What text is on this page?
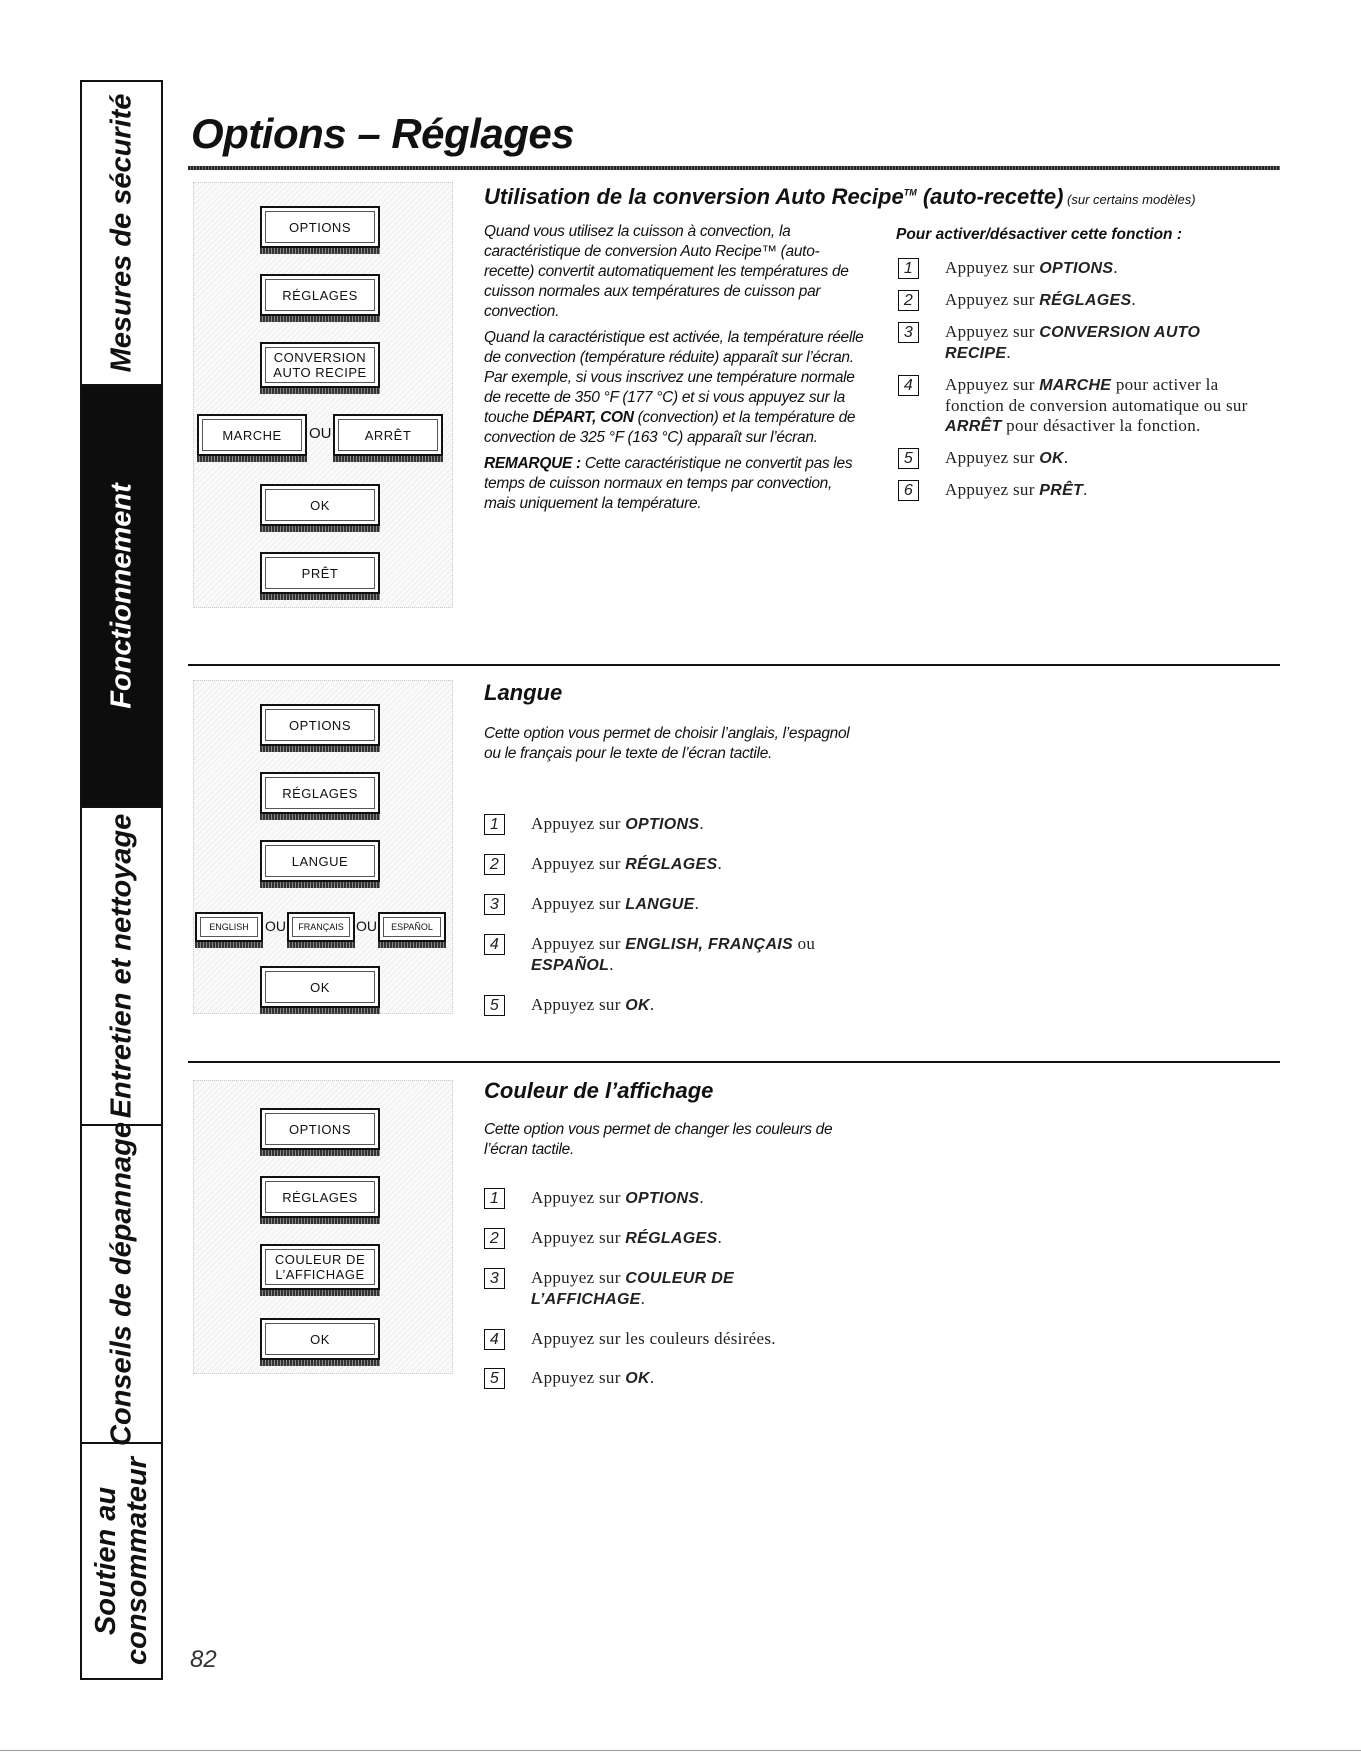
Mesures de sécurité
Fonctionnement
Entretien et nettoyage
Conseils de dépannage
Soutien au consommateur
Options – Réglages
OPTIONS
RÉGLAGES
CONVERSION
AUTO RECIPE
MARCHE OU	ARRÊT
OK
PRÊT
Utilisation de la conversion Auto Recipe™ (auto-recette) (sur certains modèles)

Quand vous utilisez la cuisson à convection, la caractéristique de conversion Auto Recipe™ (auto-recette) convertit automatiquement les températures de cuisson normales aux températures de cuisson par convection.

Quand la caractéristique est activée, la température réelle de convection (température réduite) apparaît sur l’écran. Par exemple, si vous inscrivez une température normale de recette de 350 °F (177 °C) et si vous appuyez sur la touche DÉPART, CON (convection) et la température de convection de 325 °F (163 °C) apparaît sur l’écran.

REMARQUE : Cette caractéristique ne convertit pas les temps de cuisson normaux en temps par convection, mais uniquement la température.

Pour activer/désactiver cette fonction :
1	Appuyez sur OPTIONS.
2	Appuyez sur RÉGLAGES.
3	Appuyez sur CONVERSION AUTO RECIPE.
4	Appuyez sur MARCHE pour activer la fonction de conversion automatique ou sur ARRÊT pour désactiver la fonction.
5	Appuyez sur OK.
6	Appuyez sur PRÊT.
OPTIONS
RÉGLAGES
LANGUE
ENGLISH OU FRANÇAIS OU ESPAÑOL
OK
Langue

Cette option vous permet de choisir l’anglais, l’espagnol ou le français pour le texte de l’écran tactile.

1	Appuyez sur OPTIONS.
2	Appuyez sur RÉGLAGES.
3	Appuyez sur LANGUE.
4	Appuyez sur ENGLISH, FRANÇAIS ou ESPAÑOL.
5	Appuyez sur OK.
OPTIONS
RÉGLAGES
COULEUR DE
L’AFFICHAGE
OK
Couleur de l’affichage

Cette option vous permet de changer les couleurs de l’écran tactile.

1	Appuyez sur OPTIONS.
2	Appuyez sur RÉGLAGES.
3	Appuyez sur COULEUR DE L’AFFICHAGE.
4	Appuyez sur les couleurs désirées.
5	Appuyez sur OK.
82
